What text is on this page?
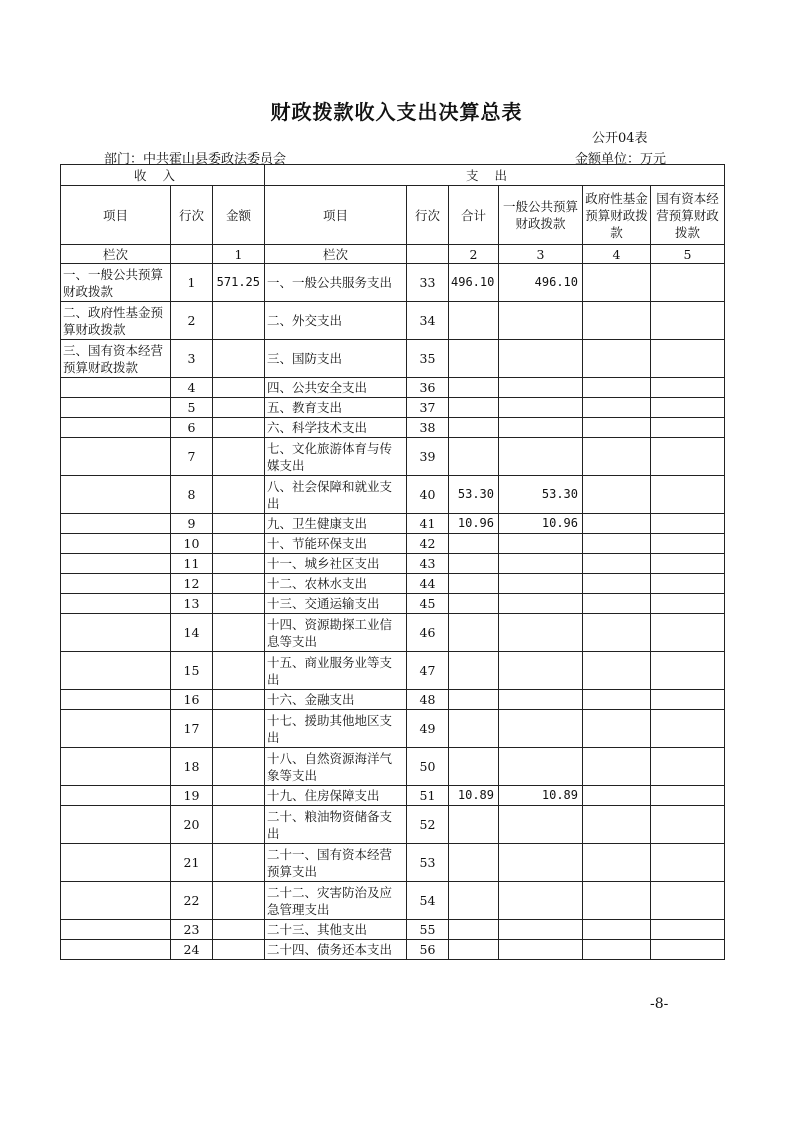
财政拨款收入支出决算总表
公开04表
部门：中共霍山县委政法委员会	金额单位：万元
收入			支出					
项目	行次	金额	项目	行次	合计	一般公共预算财政拨款	政府性基金预算财政拨款	国有资本经营预算财政拨款
栏次		1	栏次		2	3	4	5
一、一般公共预算财政拨款	1	571.25	一、一般公共服务支出	33	496.10	496.10		
二、政府性基金预算财政拨款	2		二、外交支出	34				
三、国有资本经营预算财政拨款	3		三、国防支出	35				
	4		四、公共安全支出	36				
	5		五、教育支出	37				
	6		六、科学技术支出	38				
	7		七、文化旅游体育与传媒支出	39				
	8		八、社会保障和就业支出	40	53.30	53.30		
	9		九、卫生健康支出	41	10.96	10.96		
	10		十、节能环保支出	42				
	11		十一、城乡社区支出	43				
	12		十二、农林水支出	44				
	13		十三、交通运输支出	45				
	14		十四、资源勘探工业信息等支出	46				
	15		十五、商业服务业等支出	47				
	16		十六、金融支出	48				
	17		十七、援助其他地区支出	49				
	18		十八、自然资源海洋气象等支出	50				
	19		十九、住房保障支出	51	10.89	10.89		
	20		二十、粮油物资储备支出	52				
	21		二十一、国有资本经营预算支出	53				
	22		二十二、灾害防治及应急管理支出	54				
	23		二十三、其他支出	55				
	24		二十四、债务还本支出	56				
-8-
